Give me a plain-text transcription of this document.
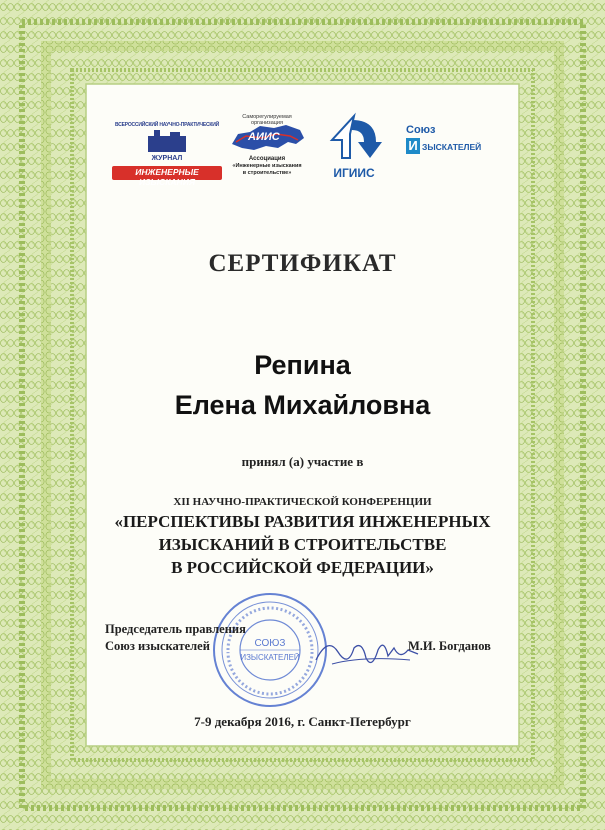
ВСЕРОССИЙСКИЙ НАУЧНО-ПРАКТИЧЕСКИЙ
ЖУРНАЛ
ИНЖЕНЕРНЫЕ ИЗЫСКАНИЯ
Саморегулируемая организация
АИИС
Ассоциация
«Инженерные изыскания
в строительстве»	ИГИИС
Союз
И ЗЫСКАТЕЛЕЙ
СЕРТИФИКАТ
Репина
Елена Михайловна
принял (а) участие в
XII НАУЧНО-ПРАКТИЧЕСКОЙ КОНФЕРЕНЦИИ
«ПЕРСПЕКТИВЫ РАЗВИТИЯ ИНЖЕНЕРНЫХ
ИЗЫСКАНИЙ В СТРОИТЕЛЬСТВЕ
В РОССИЙСКОЙ ФЕДЕРАЦИИ»
СОЮЗ
ИЗЫСКАТЕЛЕЙ
Председатель правления
Союз изыскателей	М.И. Богданов
7-9 декабря 2016, г. Санкт-Петербург
